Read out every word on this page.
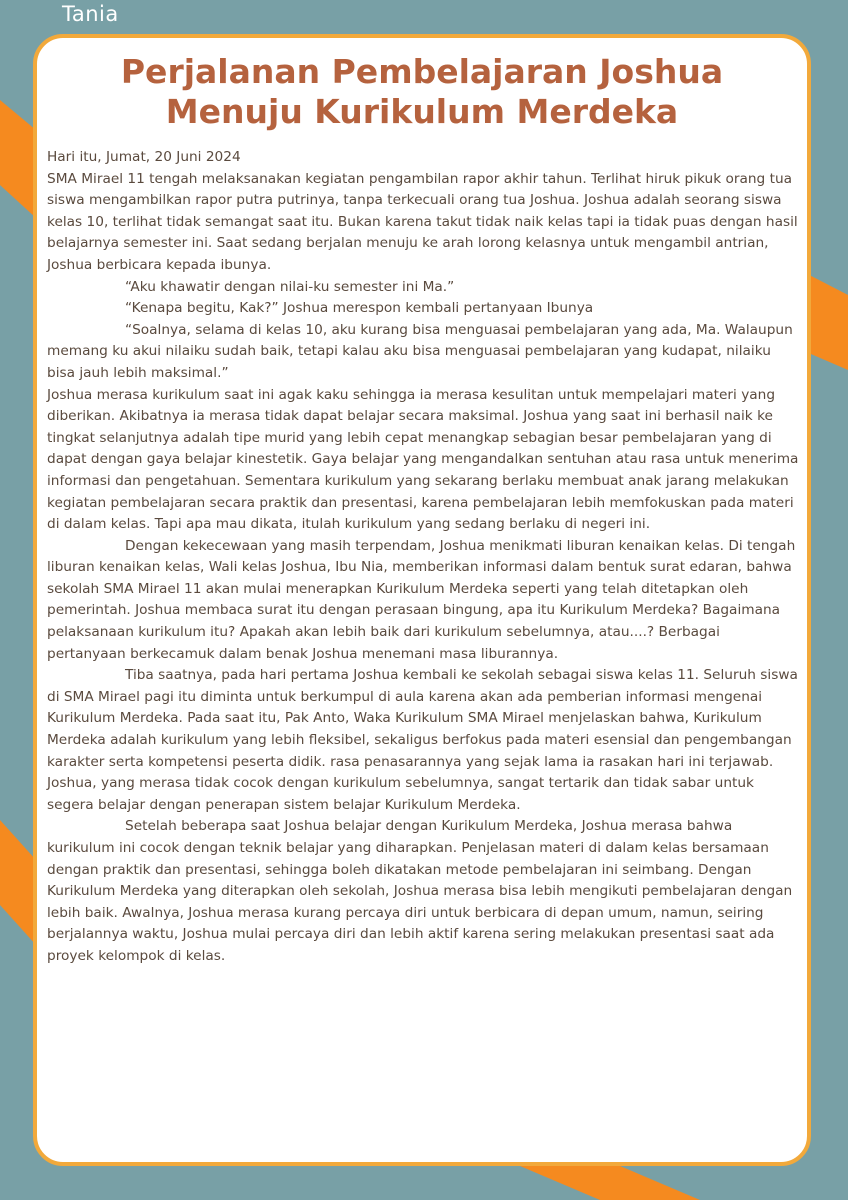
Tania
Perjalanan Pembelajaran Joshua
Menuju Kurikulum Merdeka

Hari itu, Jumat, 20 Juni 2024

SMA Mirael 11 tengah melaksanakan kegiatan pengambilan rapor akhir tahun. Terlihat hiruk pikuk orang tua siswa mengambilkan rapor putra putrinya, tanpa terkecuali orang tua Joshua. Joshua adalah seorang siswa kelas 10, terlihat tidak semangat saat itu. Bukan karena takut tidak naik kelas tapi ia tidak puas dengan hasil belajarnya semester ini. Saat sedang berjalan menuju ke arah lorong kelasnya untuk mengambil antrian, Joshua berbicara kepada ibunya.

“Aku khawatir dengan nilai-ku semester ini Ma.”

“Kenapa begitu, Kak?” Joshua merespon kembali pertanyaan Ibunya

“Soalnya, selama di kelas 10, aku kurang bisa menguasai pembelajaran yang ada, Ma. Walaupun memang ku akui nilaiku sudah baik, tetapi kalau aku bisa menguasai pembelajaran yang kudapat, nilaiku bisa jauh lebih maksimal.”

Joshua merasa kurikulum saat ini agak kaku sehingga ia merasa kesulitan untuk mempelajari materi yang diberikan. Akibatnya ia merasa tidak dapat belajar secara maksimal. Joshua yang saat ini berhasil naik ke tingkat selanjutnya adalah tipe murid yang lebih cepat menangkap sebagian besar pembelajaran yang di dapat dengan gaya belajar kinestetik. Gaya belajar yang mengandalkan sentuhan atau rasa untuk menerima informasi dan pengetahuan. Sementara kurikulum yang sekarang berlaku membuat anak jarang melakukan kegiatan pembelajaran secara praktik dan presentasi, karena pembelajaran lebih memfokuskan pada materi di dalam kelas. Tapi apa mau dikata, itulah kurikulum yang sedang berlaku di negeri ini.

Dengan kekecewaan yang masih terpendam, Joshua menikmati liburan kenaikan kelas. Di tengah liburan kenaikan kelas, Wali kelas Joshua, Ibu Nia, memberikan informasi dalam bentuk surat edaran, bahwa sekolah SMA Mirael 11 akan mulai menerapkan Kurikulum Merdeka seperti yang telah ditetapkan oleh pemerintah. Joshua membaca surat itu dengan perasaan bingung, apa itu Kurikulum Merdeka? Bagaimana pelaksanaan kurikulum itu? Apakah akan lebih baik dari kurikulum sebelumnya, atau....? Berbagai pertanyaan berkecamuk dalam benak Joshua menemani masa liburannya.

Tiba saatnya, pada hari pertama Joshua kembali ke sekolah sebagai siswa kelas 11. Seluruh siswa di SMA Mirael pagi itu diminta untuk berkumpul di aula karena akan ada pemberian informasi mengenai Kurikulum Merdeka. Pada saat itu, Pak Anto, Waka Kurikulum SMA Mirael menjelaskan bahwa, Kurikulum Merdeka adalah kurikulum yang lebih fleksibel, sekaligus berfokus pada materi esensial dan pengembangan karakter serta kompetensi peserta didik. rasa penasarannya yang sejak lama ia rasakan hari ini terjawab. Joshua, yang merasa tidak cocok dengan kurikulum sebelumnya, sangat tertarik dan tidak sabar untuk segera belajar dengan penerapan sistem belajar Kurikulum Merdeka.

Setelah beberapa saat Joshua belajar dengan Kurikulum Merdeka, Joshua merasa bahwa kurikulum ini cocok dengan teknik belajar yang diharapkan. Penjelasan materi di dalam kelas bersamaan dengan praktik dan presentasi, sehingga boleh dikatakan metode pembelajaran ini seimbang. Dengan Kurikulum Merdeka yang diterapkan oleh sekolah, Joshua merasa bisa lebih mengikuti pembelajaran dengan lebih baik. Awalnya, Joshua merasa kurang percaya diri untuk berbicara di depan umum, namun, seiring berjalannya waktu, Joshua mulai percaya diri dan lebih aktif karena sering melakukan presentasi saat ada proyek kelompok di kelas.
